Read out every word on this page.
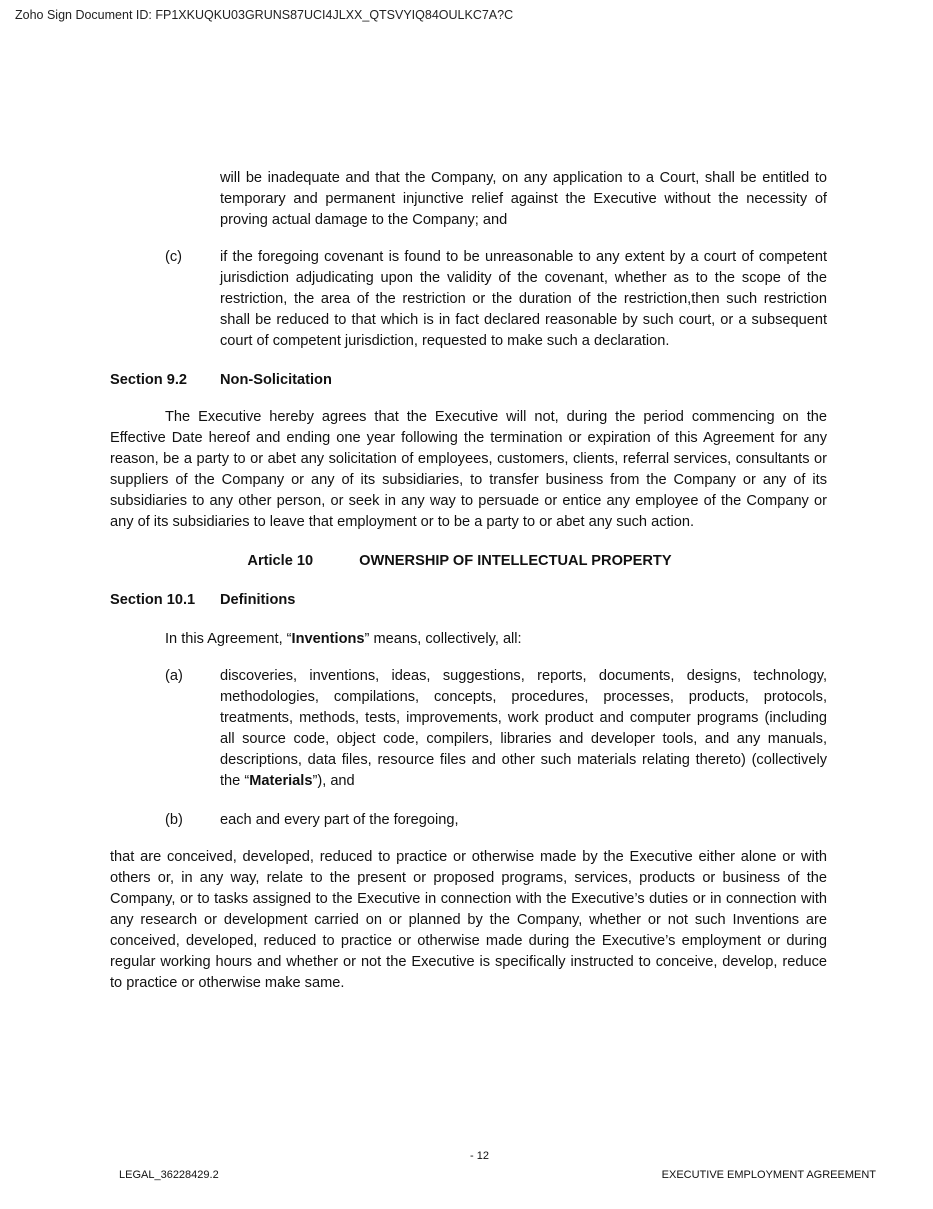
Zoho Sign Document ID: FP1XKUQKU03GRUNS87UCI4JLXX_QTSVYIQ84OULKC7A?C

will be inadequate and that the Company, on any application to a Court, shall be entitled to temporary and permanent injunctive relief against the Executive without the necessity of proving actual damage to the Company; and

(c)	if the foregoing covenant is found to be unreasonable to any extent by a court of competent jurisdiction adjudicating upon the validity of the covenant, whether as to the scope of the restriction, the area of the restriction or the duration of the restriction,then such restriction shall be reduced to that which is in fact declared reasonable by such court, or a subsequent court of competent jurisdiction, requested to make such a declaration.
Section 9.2	Non-Solicitation

The Executive hereby agrees that the Executive will not, during the period commencing on the Effective Date hereof and ending one year following the termination or expiration of this Agreement for any reason, be a party to or abet any solicitation of employees, customers, clients, referral services, consultants or suppliers of the Company or any of its subsidiaries, to transfer business from the Company or any of its subsidiaries to any other person, or seek in any way to persuade or entice any employee of the Company or any of its subsidiaries to leave that employment or to be a party to or abet any such action.

Article 10	OWNERSHIP OF INTELLECTUAL PROPERTY

Section 10.1	Definitions

In this Agreement, “Inventions” means, collectively, all:

(a)	discoveries, inventions, ideas, suggestions, reports, documents, designs, technology, methodologies, compilations, concepts, procedures, processes, products, protocols, treatments, methods, tests, improvements, work product and computer programs (including all source code, object code, compilers, libraries and developer tools, and any manuals, descriptions, data files, resource files and other such materials relating thereto) (collectively the “Materials”), and
(b)	each and every part of the foregoing,

that are conceived, developed, reduced to practice or otherwise made by the Executive either alone or with others or, in any way, relate to the present or proposed programs, services, products or business of the Company, or to tasks assigned to the Executive in connection with the Executive’s duties or in connection with any research or development carried on or planned by the Company, whether or not such Inventions are conceived, developed, reduced to practice or otherwise made during the Executive’s employment or during regular working hours and whether or not the Executive is specifically instructed to conceive, develop, reduce to practice or otherwise make same.

- 12
LEGAL_36228429.2	EXECUTIVE EMPLOYMENT AGREEMENT
